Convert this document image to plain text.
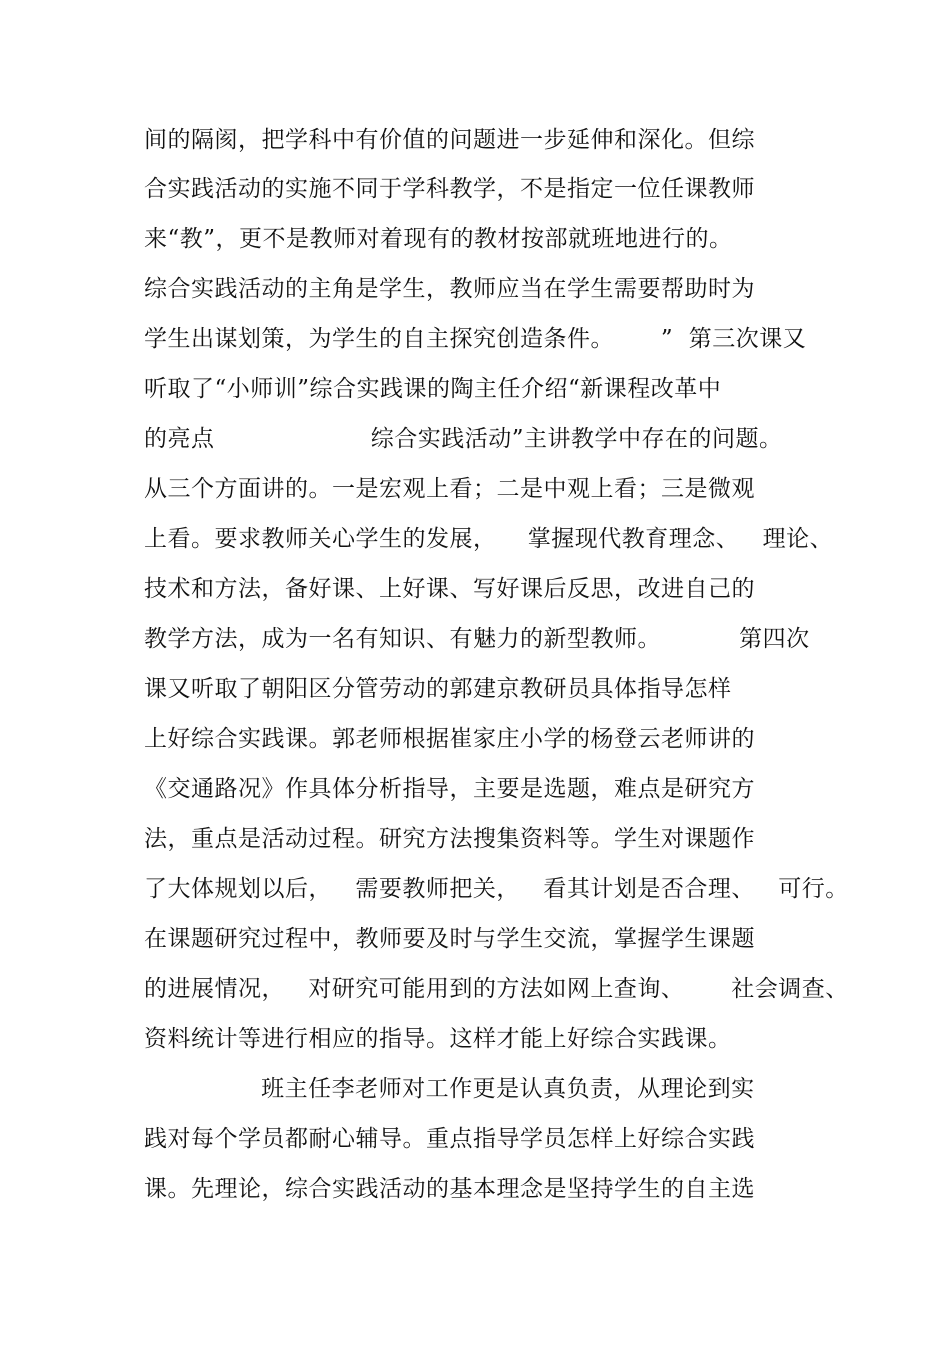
间的隔阂，把学科中有价值的问题进一步延伸和深化。但综
合实践活动的实施不同于学科教学，不是指定一位任课教师
来“教”，更不是教师对着现有的教材按部就班地进行的。
综合实践活动的主角是学生，教师应当在学生需要帮助时为
学生出谋划策，为学生的自主探究创造条件。      ”  第三次课又
听取了“小师训”综合实践课的陶主任介绍“新课程改革中
的亮点                    综合实践活动”主讲教学中存在的问题。
从三个方面讲的。一是宏观上看；二是中观上看；三是微观
上看。要求教师关心学生的发展，    掌握现代教育理念、   理论、
技术和方法，备好课、上好课、写好课后反思，改进自己的
教学方法，成为一名有知识、有魅力的新型教师。          第四次
课又听取了朝阳区分管劳动的郭建京教研员具体指导怎样
上好综合实践课。郭老师根据崔家庄小学的杨登云老师讲的
《交通路况》作具体分析指导，主要是选题，难点是研究方
法，重点是活动过程。研究方法搜集资料等。学生对课题作
了大体规划以后，   需要教师把关，   看其计划是否合理、   可行。
在课题研究过程中，教师要及时与学生交流，掌握学生课题
的进展情况，   对研究可能用到的方法如网上查询、      社会调查、
资料统计等进行相应的指导。这样才能上好综合实践课。
班主任李老师对工作更是认真负责，从理论到实
践对每个学员都耐心辅导。重点指导学员怎样上好综合实践
课。先理论，综合实践活动的基本理念是坚持学生的自主选
